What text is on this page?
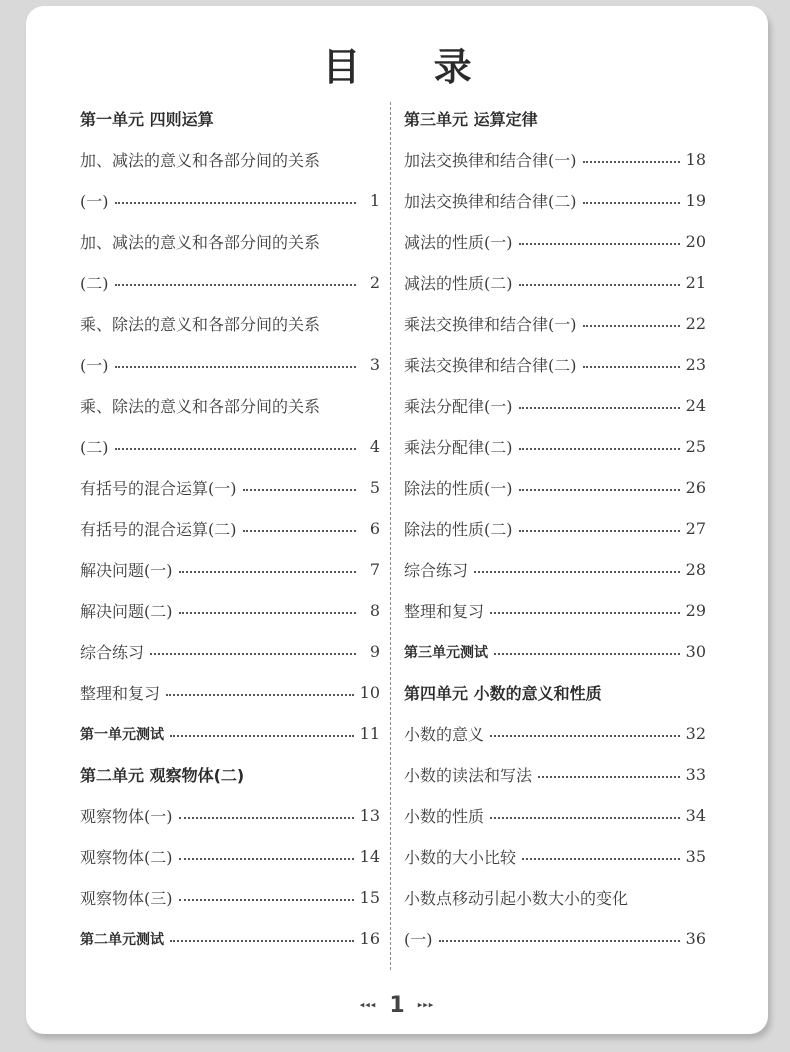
目 录
第一单元 四则运算
加、减法的意义和各部分间的关系
(一)	1
加、减法的意义和各部分间的关系
(二)	2
乘、除法的意义和各部分间的关系
(一)	3
乘、除法的意义和各部分间的关系
(二)	4
有括号的混合运算(一)	5
有括号的混合运算(二)	6
解决问题(一)	7
解决问题(二)	8
综合练习	9
整理和复习	10
第一单元测试	11
第二单元 观察物体(二)
观察物体(一)	13
观察物体(二)	14
观察物体(三)	15
第二单元测试	16
第三单元 运算定律
加法交换律和结合律(一)	18
加法交换律和结合律(二)	19
减法的性质(一)	20
减法的性质(二)	21
乘法交换律和结合律(一)	22
乘法交换律和结合律(二)	23
乘法分配律(一)	24
乘法分配律(二)	25
除法的性质(一)	26
除法的性质(二)	27
综合练习	28
整理和复习	29
第三单元测试	30
第四单元 小数的意义和性质
小数的意义	32
小数的读法和写法	33
小数的性质	34
小数的大小比较	35
小数点移动引起小数大小的变化
(一)	36
◂◂◂ 1 ▸▸▸
